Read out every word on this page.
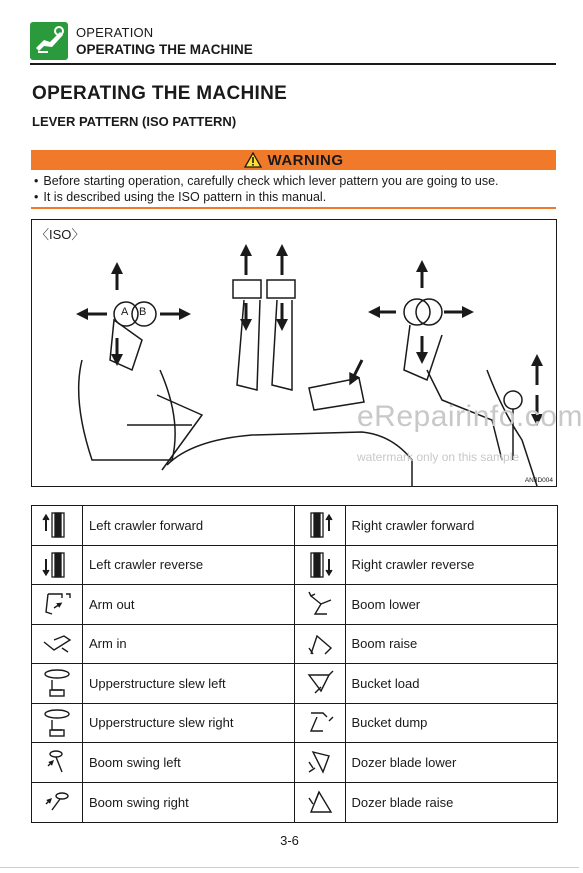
OPERATION
OPERATING THE MACHINE
OPERATING THE MACHINE
LEVER PATTERN (ISO PATTERN)
WARNING
• Before starting operation, carefully check which lever pattern you are going to use.
• It is described using the ISO pattern in this manual.
〈ISO〉
A B
eRepairinfo.com
watermark only on this sample
AN3D004
Left crawler forward	Right crawler forward
Left crawler reverse	Right crawler reverse
Arm out	Boom lower
Arm in	Boom raise
Upperstructure slew left	Bucket load
Upperstructure slew right	Bucket dump
Boom swing left	Dozer blade lower
Boom swing right	Dozer blade raise
3-6
